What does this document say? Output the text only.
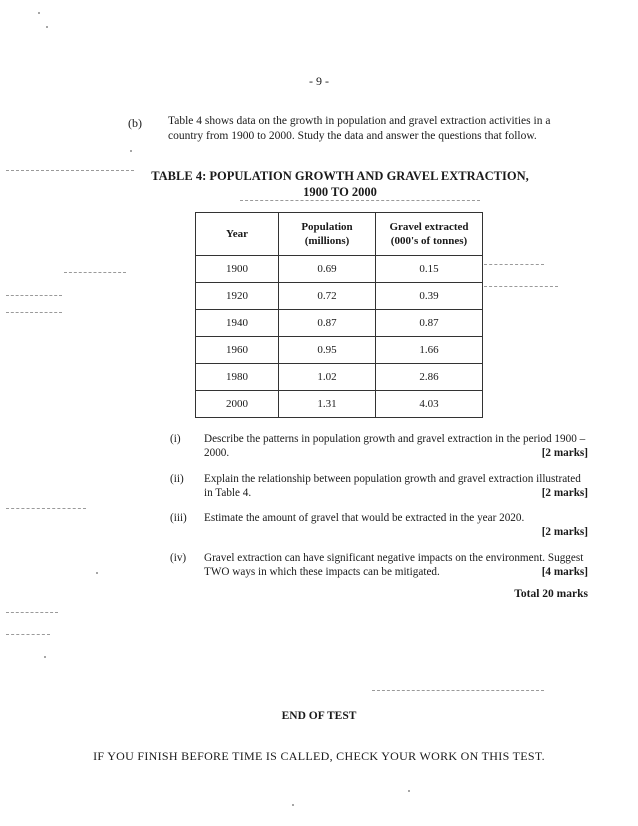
- 9 -
(b) Table 4 shows data on the growth in population and gravel extraction activities in a country from 1900 to 2000. Study the data and answer the questions that follow.
TABLE 4: POPULATION GROWTH AND GRAVEL EXTRACTION,
1900 TO 2000
Year	Population (millions)	Gravel extracted (000's of tonnes)
1900	0.69	0.15
1920	0.72	0.39
1940	0.87	0.87
1960	0.95	1.66
1980	1.02	2.86
2000	1.31	4.03
(i)	Describe the patterns in population growth and gravel extraction in the period 1900 – 2000.	[2 marks]
(ii)	Explain the relationship between population growth and gravel extraction illustrated in Table 4.	[2 marks]
(iii)	Estimate the amount of gravel that would be extracted in the year 2020.
[2 marks]
(iv)	Gravel extraction can have significant negative impacts on the environment. Suggest TWO ways in which these impacts can be mitigated.	[4 marks]
Total 20 marks
END OF TEST
IF YOU FINISH BEFORE TIME IS CALLED, CHECK YOUR WORK ON THIS TEST.
